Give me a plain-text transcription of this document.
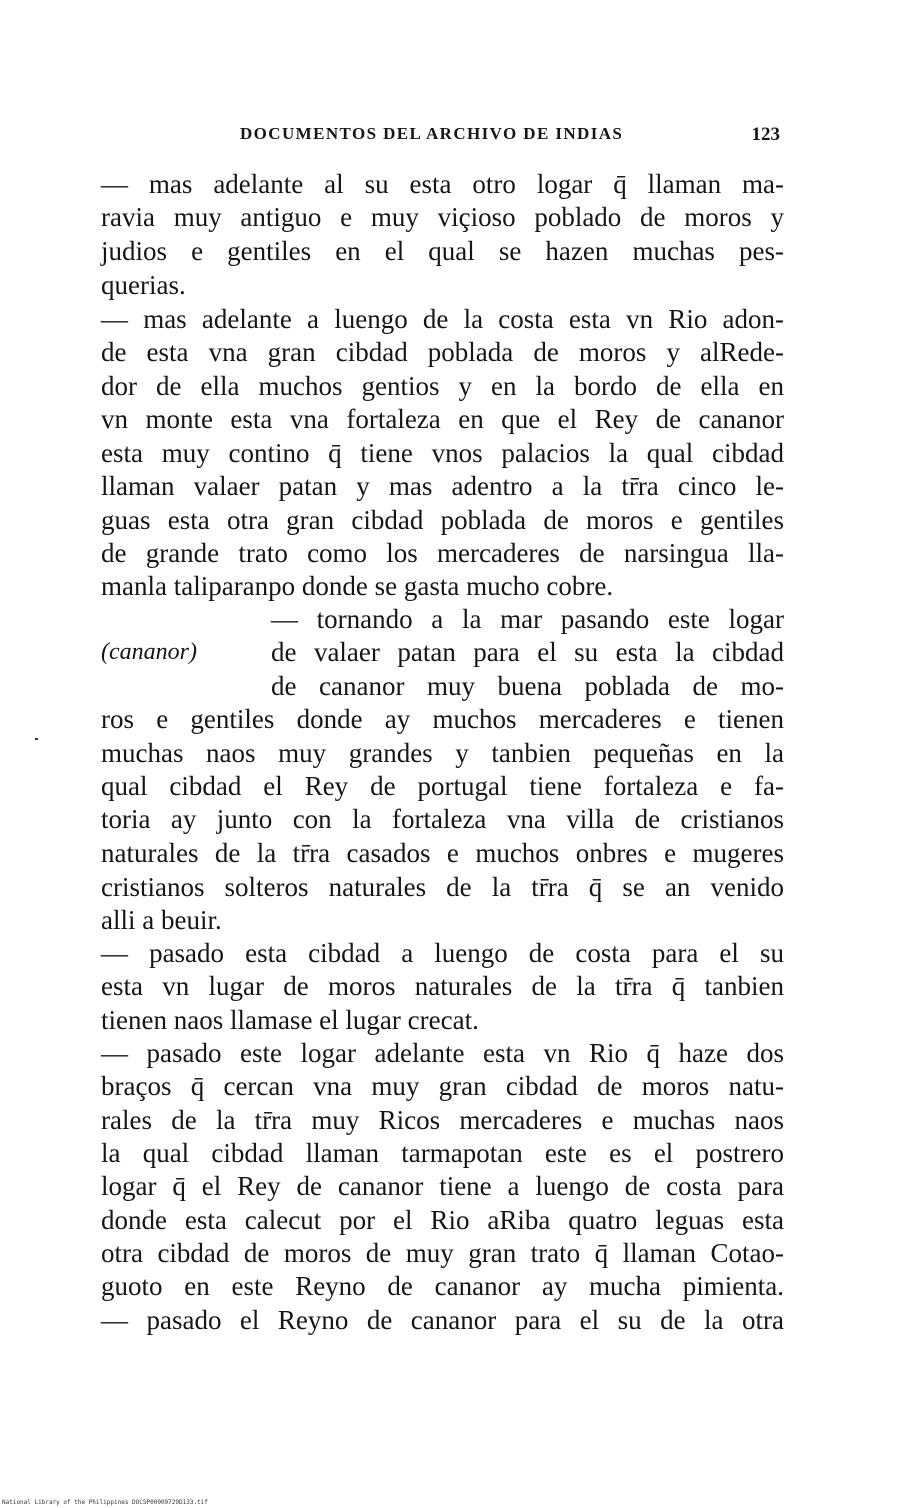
DOCUMENTOS DEL ARCHIVO DE INDIAS	123
— mas adelante al su esta otro logar q̄ llaman ma-
ravia muy antiguo e muy viçioso poblado de moros y
judios e gentiles en el qual se hazen muchas pes-
querias.
— mas adelante a luengo de la costa esta vn Rio adon-
de esta vna gran cibdad poblada de moros y alRede-
dor de ella muchos gentios y en la bordo de ella en
vn monte esta vna fortaleza en que el Rey de cananor
esta muy contino q̄ tiene vnos palacios la qual cibdad
llaman valaer patan y mas adentro a la tr̄ra cinco le-
guas esta otra gran cibdad poblada de moros e gentiles
de grande trato como los mercaderes de narsingua lla-
manla taliparanpo donde se gasta mucho cobre.
— tornando a la mar pasando este logar
(cananor)	de valaer patan para el su esta la cibdad
de cananor muy buena poblada de mo-
ros e gentiles donde ay muchos mercaderes e tienen
muchas naos muy grandes y tanbien pequeñas en la
qual cibdad el Rey de portugal tiene fortaleza e fa-
toria ay junto con la fortaleza vna villa de cristianos
naturales de la tr̄ra casados e muchos onbres e mugeres
cristianos solteros naturales de la tr̄ra q̄ se an venido
alli a beuir.
— pasado esta cibdad a luengo de costa para el su
esta vn lugar de moros naturales de la tr̄ra q̄ tanbien
tienen naos llamase el lugar crecat.
— pasado este logar adelante esta vn Rio q̄ haze dos
braços q̄ cercan vna muy gran cibdad de moros natu-
rales de la tr̄ra muy Ricos mercaderes e muchas naos
la qual cibdad llaman tarmapotan este es el postrero
logar q̄ el Rey de cananor tiene a luengo de costa para
donde esta calecut por el Rio aRiba quatro leguas esta
otra cibdad de moros de muy gran trato q̄ llaman Cotao-
guoto en este Reyno de cananor ay mucha pimienta.
— pasado el Reyno de cananor para el su de la otra
National Library of the Philippines DOCSP00009729D133.tif
